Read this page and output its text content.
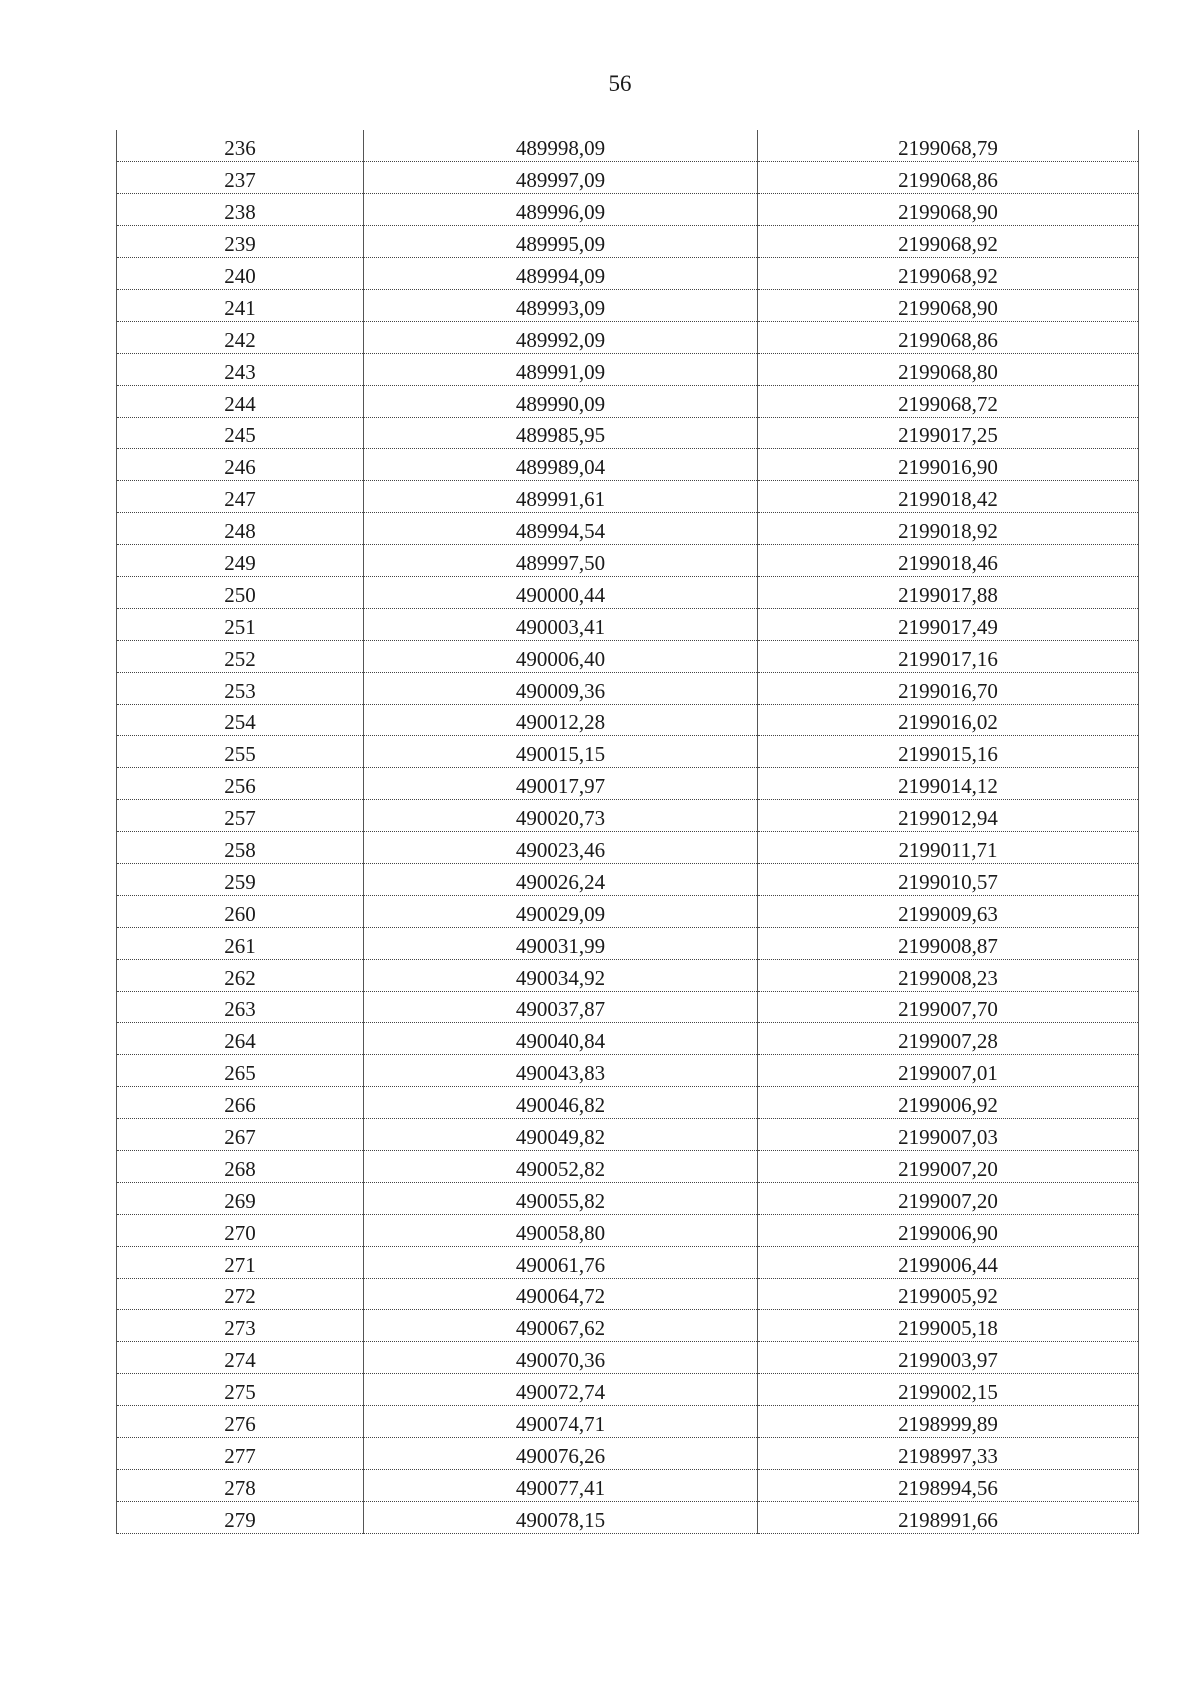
56
236	489998,09	2199068,79
237	489997,09	2199068,86
238	489996,09	2199068,90
239	489995,09	2199068,92
240	489994,09	2199068,92
241	489993,09	2199068,90
242	489992,09	2199068,86
243	489991,09	2199068,80
244	489990,09	2199068,72
245	489985,95	2199017,25
246	489989,04	2199016,90
247	489991,61	2199018,42
248	489994,54	2199018,92
249	489997,50	2199018,46
250	490000,44	2199017,88
251	490003,41	2199017,49
252	490006,40	2199017,16
253	490009,36	2199016,70
254	490012,28	2199016,02
255	490015,15	2199015,16
256	490017,97	2199014,12
257	490020,73	2199012,94
258	490023,46	2199011,71
259	490026,24	2199010,57
260	490029,09	2199009,63
261	490031,99	2199008,87
262	490034,92	2199008,23
263	490037,87	2199007,70
264	490040,84	2199007,28
265	490043,83	2199007,01
266	490046,82	2199006,92
267	490049,82	2199007,03
268	490052,82	2199007,20
269	490055,82	2199007,20
270	490058,80	2199006,90
271	490061,76	2199006,44
272	490064,72	2199005,92
273	490067,62	2199005,18
274	490070,36	2199003,97
275	490072,74	2199002,15
276	490074,71	2198999,89
277	490076,26	2198997,33
278	490077,41	2198994,56
279	490078,15	2198991,66
